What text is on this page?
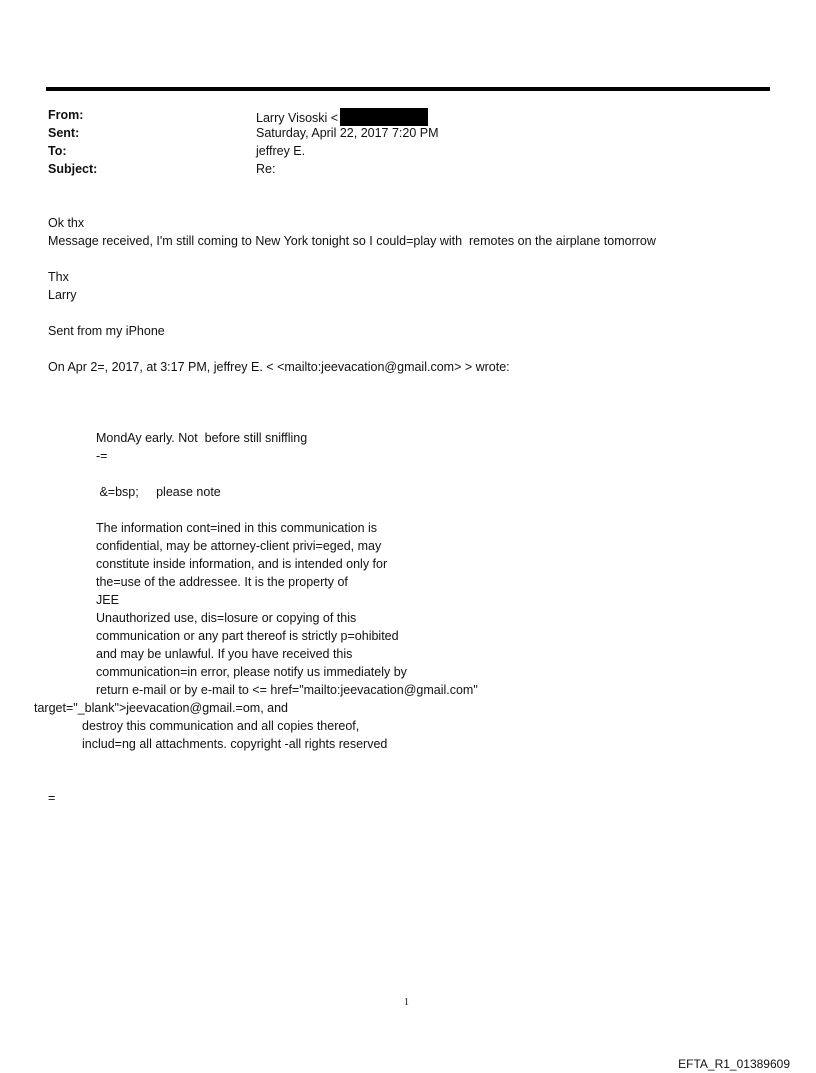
From:	Larry Visoski <
Sent:	Saturday, April 22, 2017 7:20 PM
To:	jeffrey E.
Subject:	Re:
Ok thx
Message received, I'm still coming to New York tonight so I could=play with  remotes on the airplane tomorrow
Thx
Larry
Sent from my iPhone
On Apr 2=, 2017, at 3:17 PM, jeffrey E. < <mailto:jeevacation@gmail.com> > wrote:
MondAy early. Not  before still sniffling
-=
&=bsp;     please note
The information cont=ined in this communication is
confidential, may be attorney-client privi=eged, may
constitute inside information, and is intended only for
the=use of the addressee. It is the property of
JEE
Unauthorized use, dis=losure or copying of this
communication or any part thereof is strictly p=ohibited
and may be unlawful. If you have received this
communication=in error, please notify us immediately by
return e-mail or by e-mail to <= href="mailto:jeevacation@gmail.com"
target="_blank">jeevacation@gmail.=om, and
destroy this communication and all copies thereof,
includ=ng all attachments. copyright -all rights reserved
=
1
EFTA_R1_01389609
